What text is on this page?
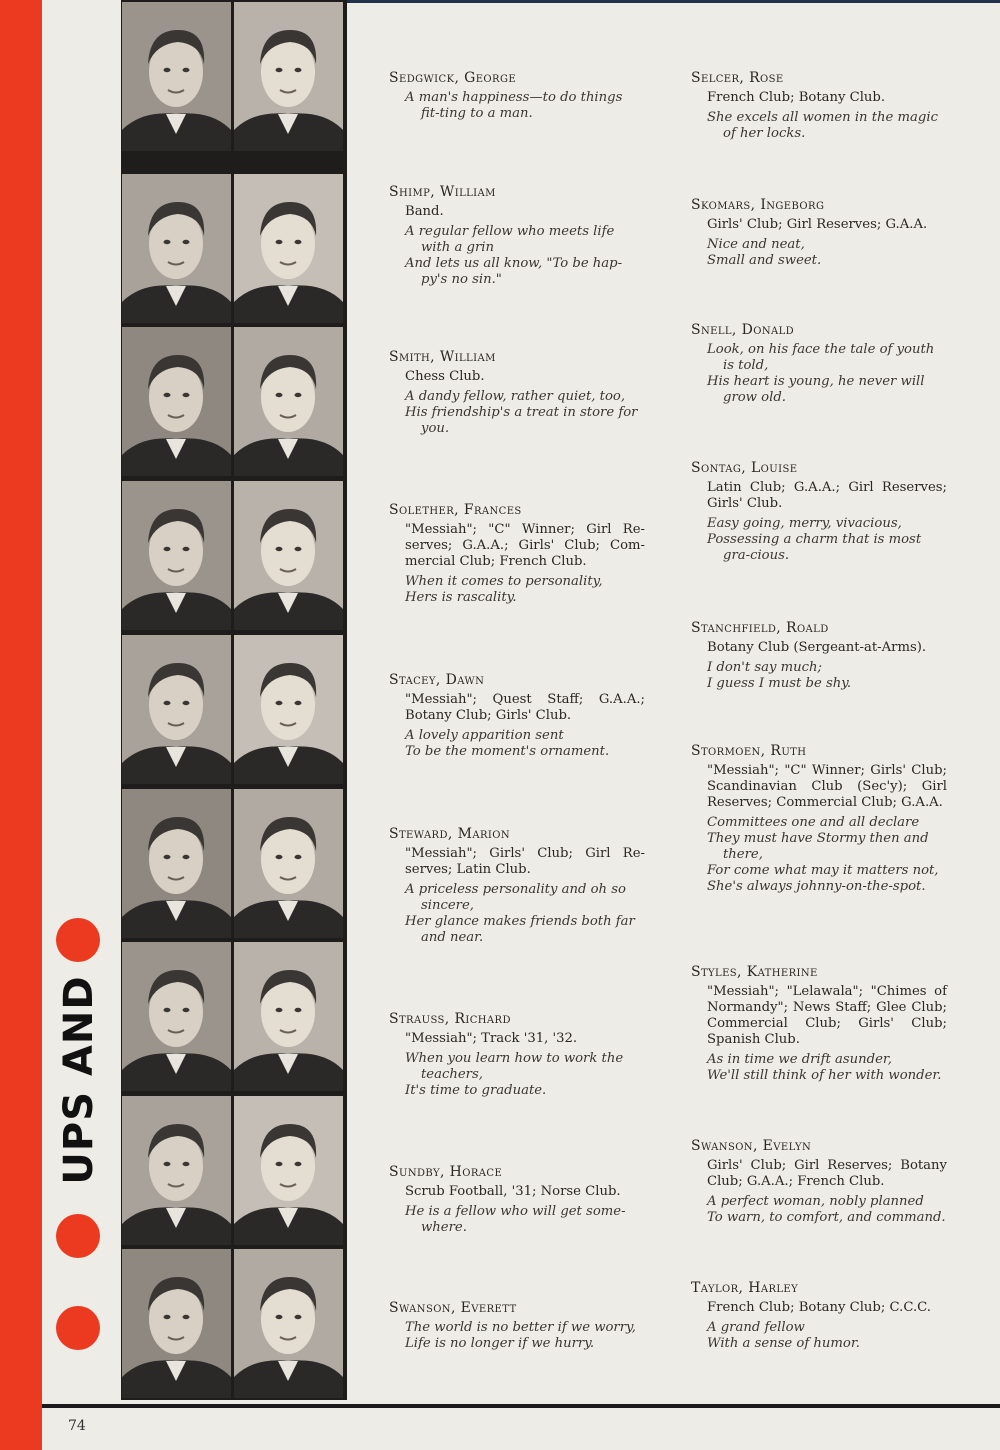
UPS AND
Sedgwick, George
A man's happiness—to do things fit-ting to a man.
Shimp, William
Band.
A regular fellow who meets life with a grin
And lets us all know, "To be hap-py's no sin."
Smith, William
Chess Club.
A dandy fellow, rather quiet, too,
His friendship's a treat in store for you.
Solether, Frances
"Messiah"; "C" Winner; Girl Re-serves; G.A.A.; Girls' Club; Com-mercial Club; French Club.
When it comes to personality,
Hers is rascality.
Stacey, Dawn
"Messiah"; Quest Staff; G.A.A.; Botany Club; Girls' Club.
A lovely apparition sent
To be the moment's ornament.
Steward, Marion
"Messiah"; Girls' Club; Girl Re-serves; Latin Club.
A priceless personality and oh so sincere,
Her glance makes friends both far and near.
Strauss, Richard
"Messiah"; Track '31, '32.
When you learn how to work the teachers,
It's time to graduate.
Sundby, Horace
Scrub Football, '31; Norse Club.
He is a fellow who will get some-where.
Swanson, Everett
The world is no better if we worry,
Life is no longer if we hurry.
Selcer, Rose
French Club; Botany Club.
She excels all women in the magic of her locks.
Skomars, Ingeborg
Girls' Club; Girl Reserves; G.A.A.
Nice and neat,
Small and sweet.
Snell, Donald
Look, on his face the tale of youth is told,
His heart is young, he never will grow old.
Sontag, Louise
Latin Club; G.A.A.; Girl Reserves; Girls' Club.
Easy going, merry, vivacious,
Possessing a charm that is most gra-cious.
Stanchfield, Roald
Botany Club (Sergeant-at-Arms).
I don't say much;
I guess I must be shy.
Stormoen, Ruth
"Messiah"; "C" Winner; Girls' Club; Scandinavian Club (Sec'y); Girl Reserves; Commercial Club; G.A.A.
Committees one and all declare
They must have Stormy then and there,
For come what may it matters not,
She's always johnny-on-the-spot.
Styles, Katherine
"Messiah"; "Lelawala"; "Chimes of Normandy"; News Staff; Glee Club; Commercial Club; Girls' Club; Spanish Club.
As in time we drift asunder,
We'll still think of her with wonder.
Swanson, Evelyn
Girls' Club; Girl Reserves; Botany Club; G.A.A.; French Club.
A perfect woman, nobly planned
To warn, to comfort, and command.
Taylor, Harley
French Club; Botany Club; C.C.C.
A grand fellow
With a sense of humor.
74
